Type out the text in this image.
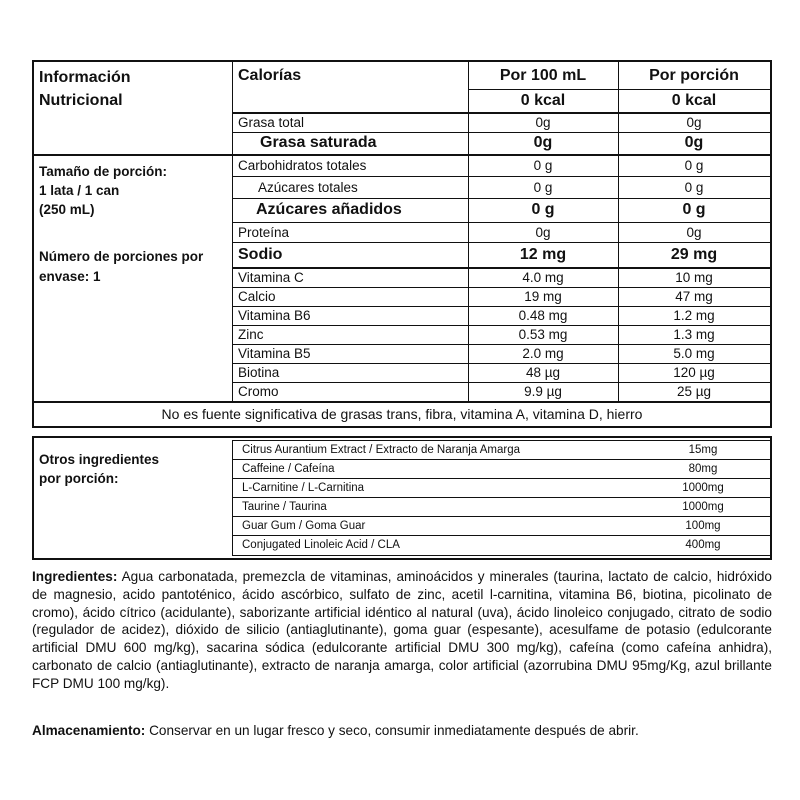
Información
Nutricional
Tamaño de porción:
1 lata / 1 can
(250 mL)
Número de porciones por
envase: 1
Calorías	Por 100 mL	Por porción
0 kcal	0 kcal
Grasa total	0g	0g
Grasa saturada	0g	0g
Carbohidratos totales	0 g	0 g
Azúcares totales	0 g	0 g
Azúcares añadidos	0 g	0 g
Proteína	0g	0g
Sodio	12 mg	29 mg
Vitamina C	4.0 mg	10 mg
Calcio	19 mg	47 mg
Vitamina B6	0.48 mg	1.2 mg
Zinc	0.53 mg	1.3 mg
Vitamina B5	2.0 mg	5.0 mg
Biotina	48 µg	120 µg
Cromo	9.9 µg	25 µg
No es fuente significativa de grasas trans, fibra, vitamina A, vitamina D, hierro
Otros ingredientes
por porción:
Citrus Aurantium Extract / Extracto de Naranja Amarga	15mg
Caffeine / Cafeína	80mg
L-Carnitine / L-Carnitina	1000mg
Taurine / Taurina	1000mg
Guar Gum / Goma Guar	100mg
Conjugated Linoleic Acid / CLA	400mg
Ingredientes: Agua carbonatada, premezcla de vitaminas, aminoácidos y minerales (taurina, lactato de calcio, hidróxido de magnesio, acido pantoténico, ácido ascórbico, sulfato de zinc, acetil l-carnitina, vitamina B6, biotina, picolinato de cromo), ácido cítrico (acidulante), saborizante artificial idéntico al natural (uva), ácido linoleico conjugado, citrato de sodio (regulador de acidez), dióxido de silicio (antiaglutinante), goma guar (espesante), acesulfame de potasio (edulcorante artificial DMU 600 mg/kg), sacarina sódica (edulcorante artificial DMU 300 mg/kg), cafeína (como cafeína anhidra), carbonato de calcio (antiaglutinante), extracto de naranja amarga, color artificial (azorrubina DMU 95mg/Kg, azul brillante FCP DMU 100 mg/kg).
Almacenamiento: Conservar en un lugar fresco y seco, consumir inmediatamente después de abrir.
